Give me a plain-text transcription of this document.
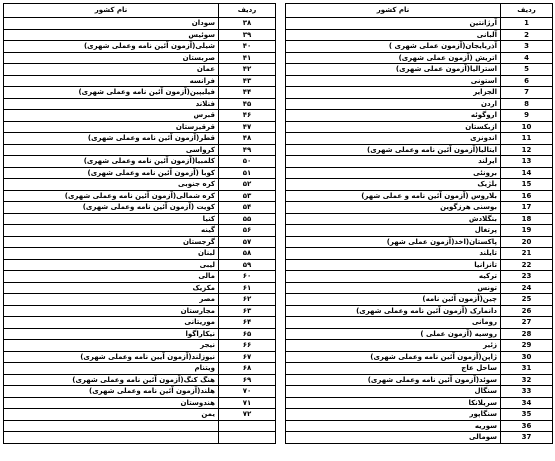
نام کشور	ردیف
سودان	۳۸
سوئیس	۳۹
شیلی(آزمون آئین نامه وعملی شهری)	۴۰
صربستان	۴۱
عمان	۴۲
فرانسه	۴۳
فیلیپین(آزمون آئین نامه وعملی شهری)	۴۴
فنلاند	۴۵
قبرس	۴۶
قرقیزستان	۴۷
قطر(آزمون آئین نامه وعملی شهری)	۴۸
کرواسی	۴۹
کلمبیا(آزمون آئین نامه وعملی شهری)	۵۰
کوبا (آزمون آئین نامه وعملی شهری)	۵۱
کره جنوبی	۵۲
کره شمالی(آزمون آئین نامه وعملی شهری)	۵۳
کویت (آزمون آئین نامه وعملی شهری)	۵۴
کنیا	۵۵
گینه	۵۶
گرجستان	۵۷
لبنان	۵۸
لیبی	۵۹
مالی	۶۰
مکزیک	۶۱
مصر	۶۲
مجارستان	۶۳
موریتانی	۶۴
نیکاراگوا	۶۵
نیجر	۶۶
نیوزلند(آزمون آیین نامه وعملی شهری)	۶۷
ویتنام	۶۸
هنگ کنگ(آزمون آئین نامه وعملی شهری)	۶۹
هلند(آزمون آئین نامه وعملی شهری)	۷۰
هندوستان	۷۱
یمن	۷۲

نام کشور	ردیف
آرژانتین	1
آلبانی	2
آذربایجان(آزمون عملی شهری )	3
اتریش (آزمون عملی شهری)	4
استرالیا(آزمون عملی شهری)	5
استونی	6
الجزایر	7
اردن	8
اروگوئه	9
ازبکستان	10
اندونزی	11
ایتالیا(آزمون آئین نامه وعملی شهری)	12
ایرلند	13
برونئی	14
بلژیک	15
بلاروس (آزمون آئین نامه و عملی شهر)	16
بوسنی هرزگوین	17
بنگلادش	18
پرتغال	19
پاکستان(اخذ(آزمون عملی شهر)	20
تایلند	21
تانزانیا	22
ترکیه	23
تونس	24
چین(آزمون آئین نامه)	25
دانمارک (آزمون آئین نامه وعملی شهری)	26
رومانی	27
روسیه (آزمون عملی )	28
زئیر	29
ژاپن(آزمون آئین نامه وعملی شهری)	30
ساحل عاج	31
سوئد(آزمون آئین نامه وعملی شهری)	32
سنگال	33
سریلانکا	34
سنگاپور	35
سوریه	36
سومالی	37
